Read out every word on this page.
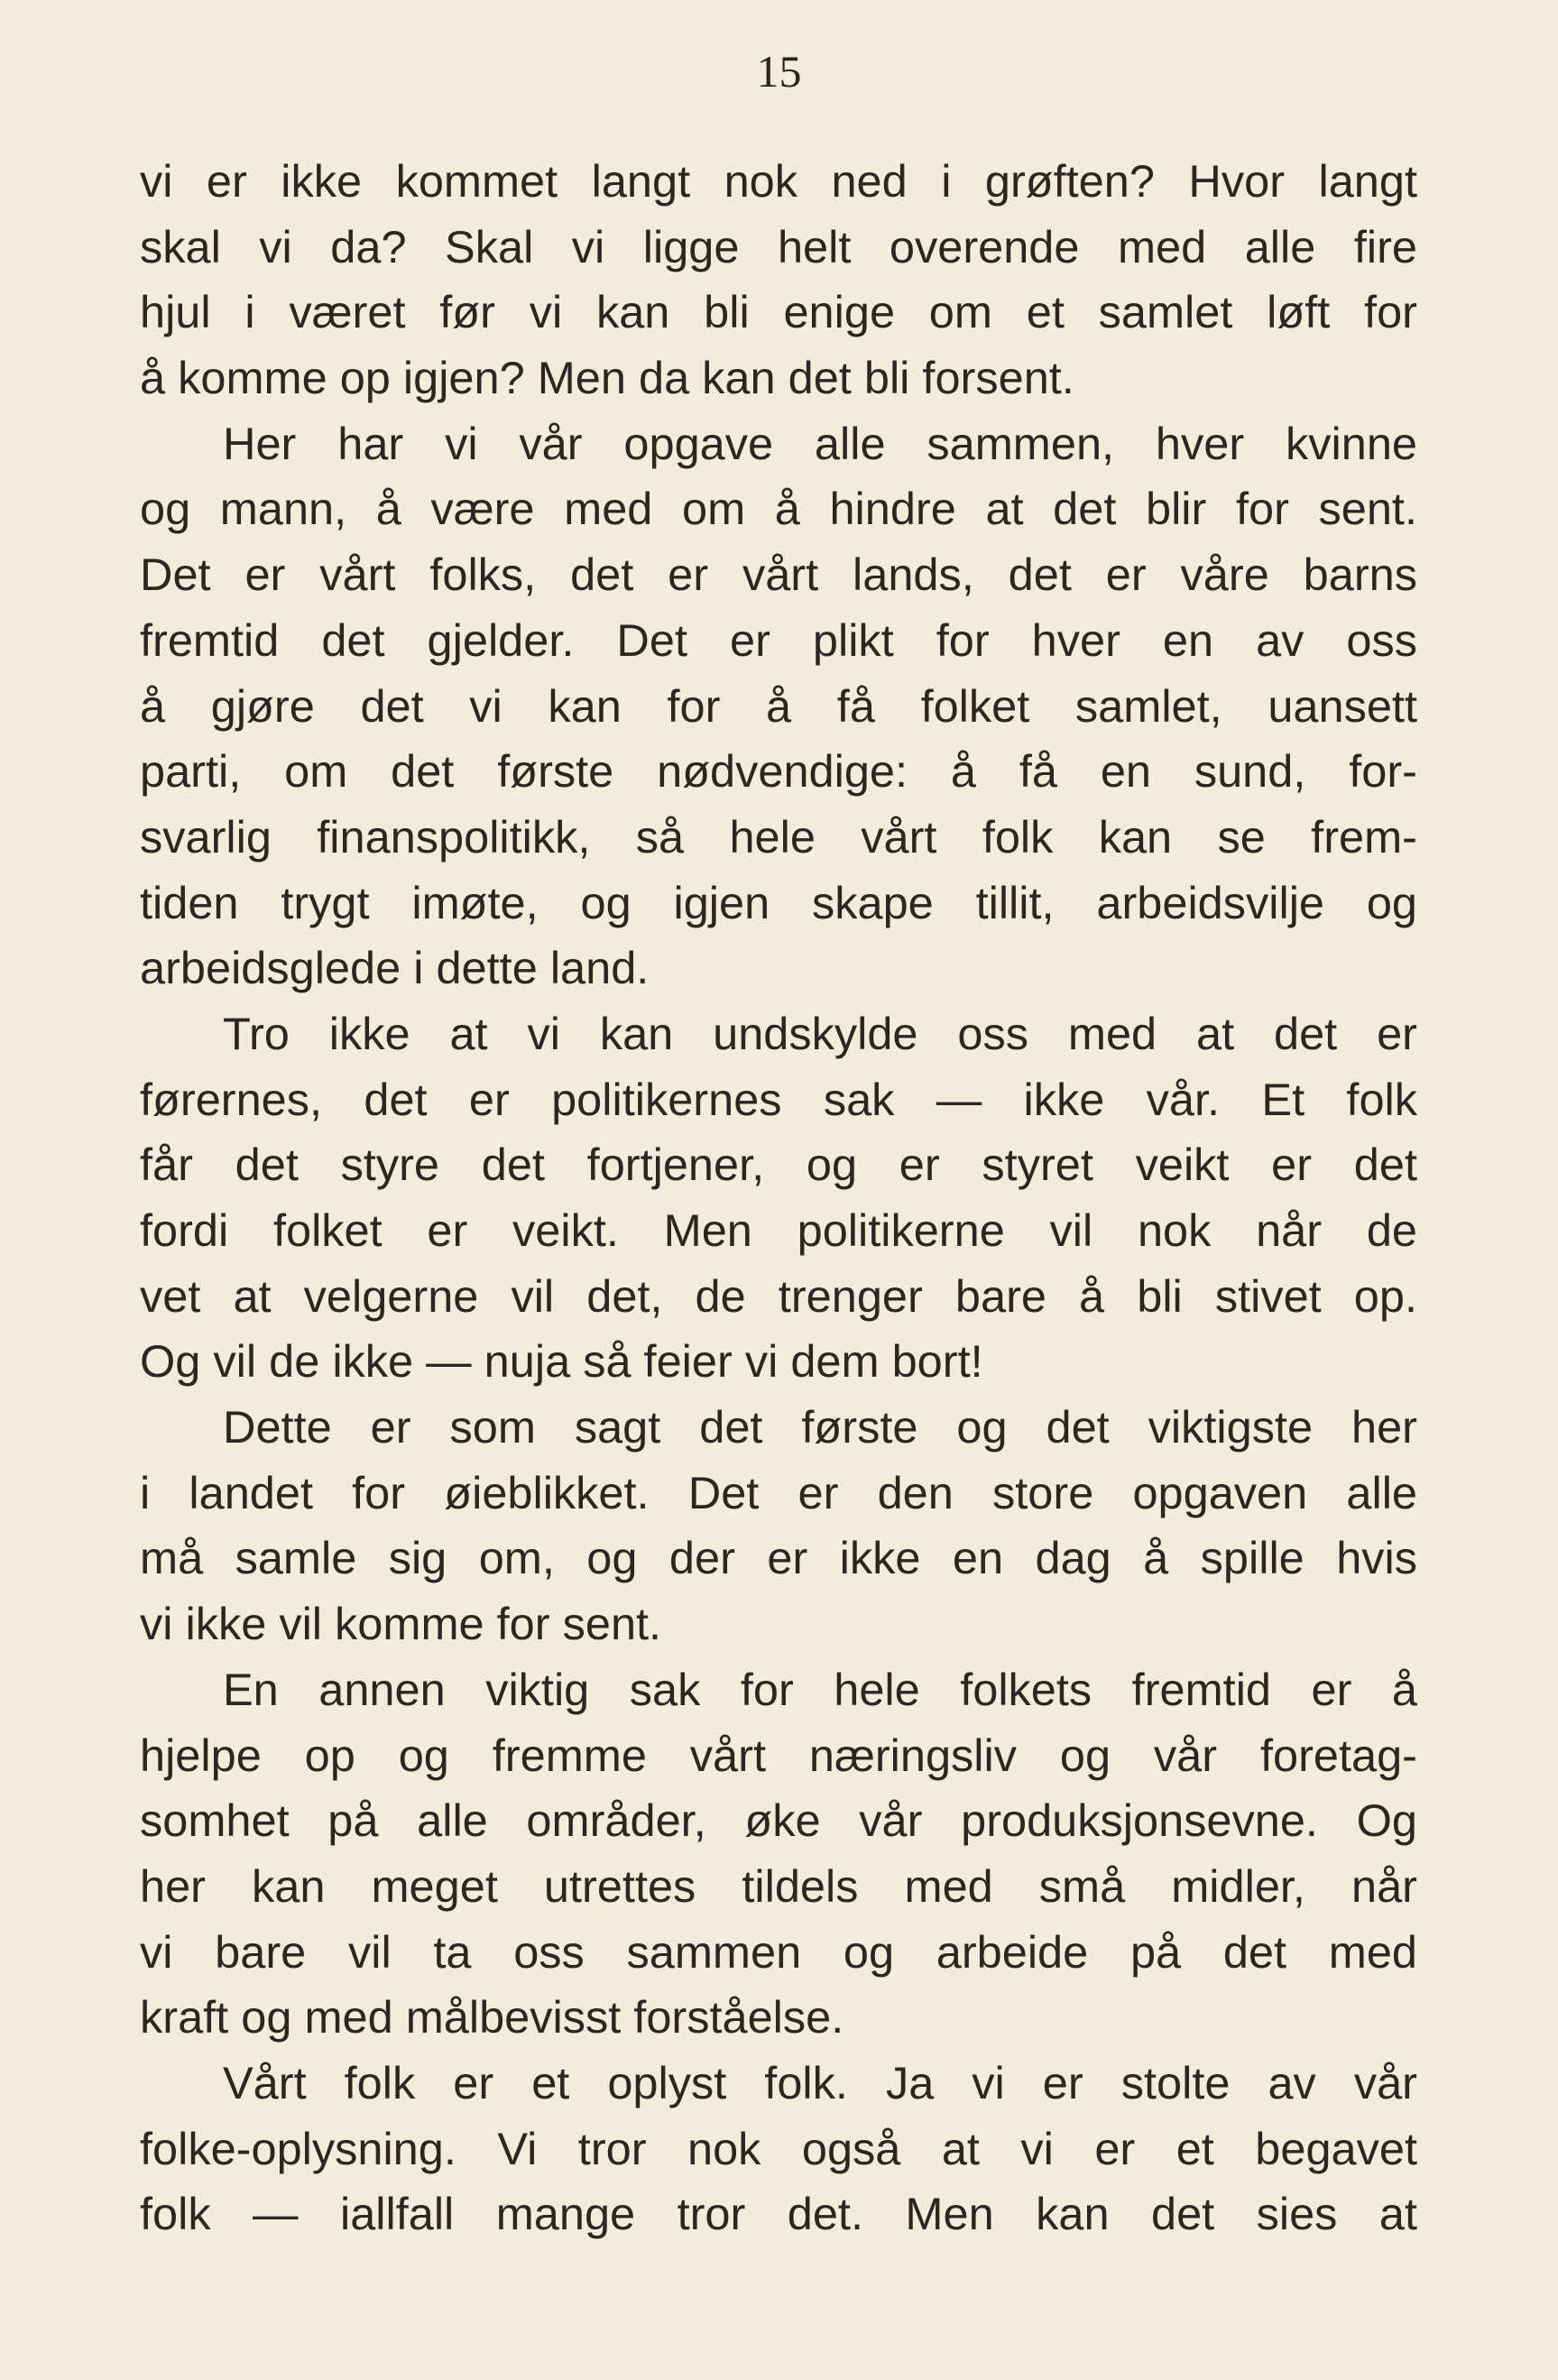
15
vi er ikke kommet langt nok ned i grøften? Hvor langt
skal vi da? Skal vi ligge helt overende med alle fire
hjul i været før vi kan bli enige om et samlet løft for
å komme op igjen? Men da kan det bli forsent.
Her har vi vår opgave alle sammen, hver kvinne
og mann, å være med om å hindre at det blir for sent.
Det er vårt folks, det er vårt lands, det er våre barns
fremtid det gjelder. Det er plikt for hver en av oss
å gjøre det vi kan for å få folket samlet, uansett
parti, om det første nødvendige: å få en sund, for-
svarlig finanspolitikk, så hele vårt folk kan se frem-
tiden trygt imøte, og igjen skape tillit, arbeidsvilje og
arbeidsglede i dette land.
Tro ikke at vi kan undskylde oss med at det er
førernes, det er politikernes sak — ikke vår. Et folk
får det styre det fortjener, og er styret veikt er det
fordi folket er veikt. Men politikerne vil nok når de
vet at velgerne vil det, de trenger bare å bli stivet op.
Og vil de ikke — nuja så feier vi dem bort!
Dette er som sagt det første og det viktigste her
i landet for øieblikket. Det er den store opgaven alle
må samle sig om, og der er ikke en dag å spille hvis
vi ikke vil komme for sent.
En annen viktig sak for hele folkets fremtid er å
hjelpe op og fremme vårt næringsliv og vår foretag-
somhet på alle områder, øke vår produksjonsevne. Og
her kan meget utrettes tildels med små midler, når
vi bare vil ta oss sammen og arbeide på det med
kraft og med målbevisst forståelse.
Vårt folk er et oplyst folk. Ja vi er stolte av vår
folke-oplysning. Vi tror nok også at vi er et begavet
folk — iallfall mange tror det. Men kan det sies at
